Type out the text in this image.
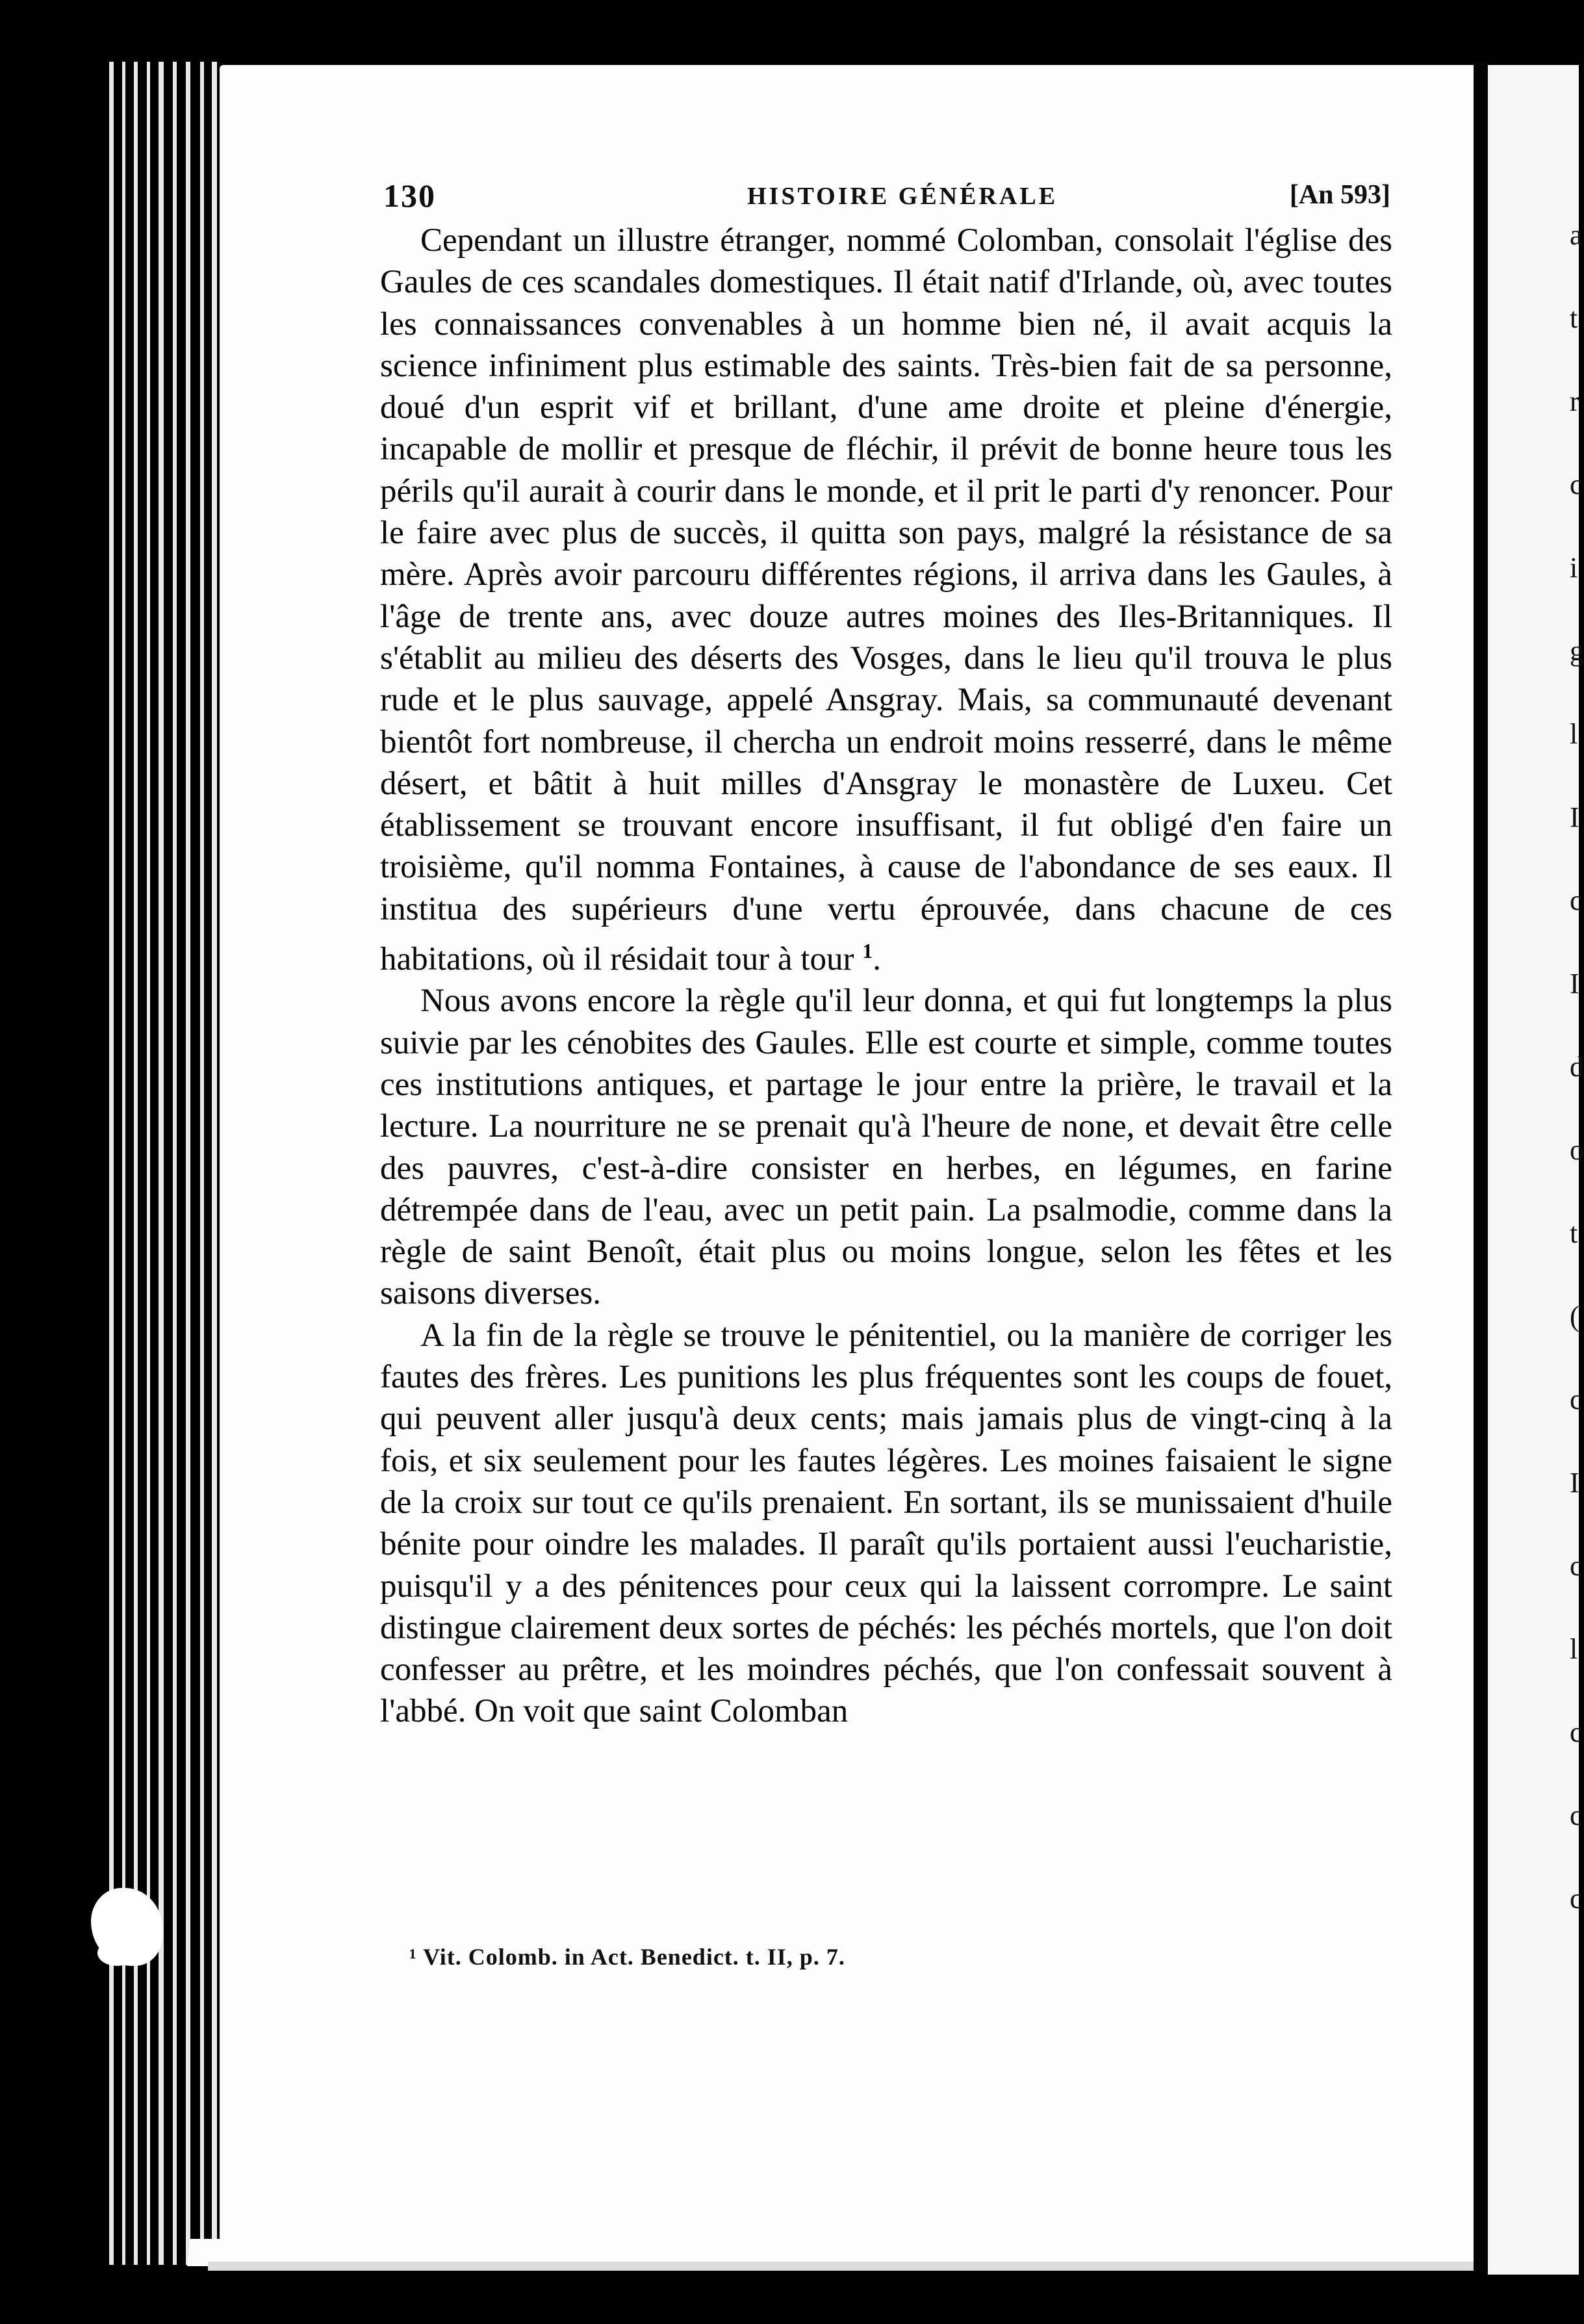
a
t
r
c
i
g
l
I
c
I
d
o
t
(
c
I
c
l
c
c
c
130	HISTOIRE GÉNÉRALE	[An 593]

Cependant un illustre étranger, nommé Colomban, consolait l'église des Gaules de ces scandales domestiques. Il était natif d'Irlande, où, avec toutes les connaissances convenables à un homme bien né, il avait acquis la science infiniment plus estimable des saints. Très-bien fait de sa personne, doué d'un esprit vif et brillant, d'une ame droite et pleine d'énergie, incapable de mollir et presque de fléchir, il prévit de bonne heure tous les périls qu'il aurait à courir dans le monde, et il prit le parti d'y renoncer. Pour le faire avec plus de succès, il quitta son pays, malgré la résistance de sa mère. Après avoir parcouru différentes régions, il arriva dans les Gaules, à l'âge de trente ans, avec douze autres moines des Iles-Britanniques. Il s'établit au milieu des déserts des Vosges, dans le lieu qu'il trouva le plus rude et le plus sauvage, appelé Ansgray. Mais, sa communauté devenant bientôt fort nombreuse, il chercha un endroit moins resserré, dans le même désert, et bâtit à huit milles d'Ansgray le monastère de Luxeu. Cet établissement se trouvant encore insuffisant, il fut obligé d'en faire un troisième, qu'il nomma Fontaines, à cause de l'abondance de ses eaux. Il institua des supérieurs d'une vertu éprouvée, dans chacune de ces habitations, où il résidait tour à tour $^1$.

Nous avons encore la règle qu'il leur donna, et qui fut longtemps la plus suivie par les cénobites des Gaules. Elle est courte et simple, comme toutes ces institutions antiques, et partage le jour entre la prière, le travail et la lecture. La nourriture ne se prenait qu'à l'heure de none, et devait être celle des pauvres, c'est-à-dire consister en herbes, en légumes, en farine détrempée dans de l'eau, avec un petit pain. La psalmodie, comme dans la règle de saint Benoît, était plus ou moins longue, selon les fêtes et les saisons diverses.

A la fin de la règle se trouve le pénitentiel, ou la manière de corriger les fautes des frères. Les punitions les plus fréquentes sont les coups de fouet, qui peuvent aller jusqu'à deux cents; mais jamais plus de vingt-cinq à la fois, et six seulement pour les fautes légères. Les moines faisaient le signe de la croix sur tout ce qu'ils prenaient. En sortant, ils se munissaient d'huile bénite pour oindre les malades. Il paraît qu'ils portaient aussi l'eucharistie, puisqu'il y a des pénitences pour ceux qui la laissent corrompre. Le saint distingue clairement deux sortes de péchés: les péchés mortels, que l'on doit confesser au prêtre, et les moindres péchés, que l'on confessait souvent à l'abbé. On voit que saint Colomban

¹ Vit. Colomb. in Act. Benedict. t. II, p. 7.
